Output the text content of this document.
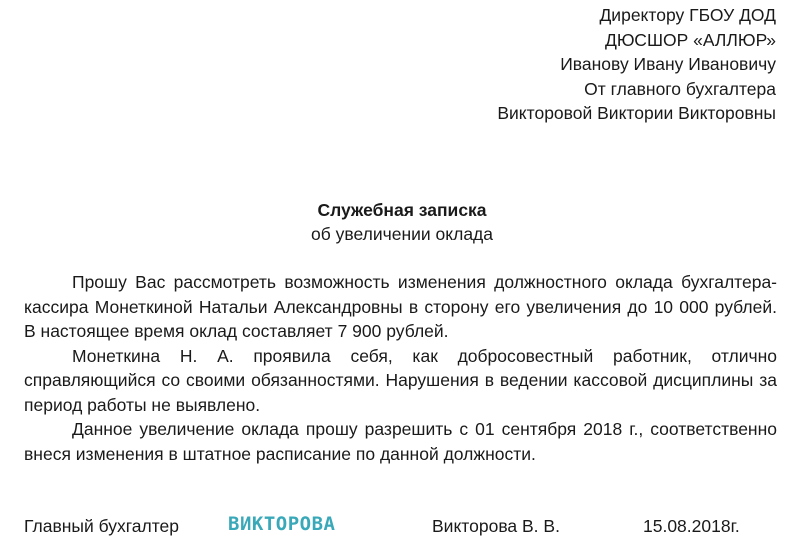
Директору ГБОУ ДОД
ДЮСШОР «АЛЛЮР»
Иванову Ивану Ивановичу
От главного бухгалтера
Викторовой Виктории Викторовны
Служебная записка
об увеличении оклада

Прошу Вас рассмотреть возможность изменения должностного оклада бухгалтера-кассира Монеткиной Натальи Александровны в сторону его увеличения до 10 000 рублей. В настоящее время оклад составляет 7 900 рублей.

Монеткина Н. А. проявила себя, как добросовестный работник, отлично справляющийся со своими обязанностями. Нарушения в ведении кассовой дисциплины за период работы не выявлено.

Данное увеличение оклада прошу разрешить с 01 сентября 2018 г., соответственно внеся изменения в штатное расписание по данной должности.

Главный бухгалтер	ВИКТОРОВА	Викторова В. В.	15.08.2018г.
